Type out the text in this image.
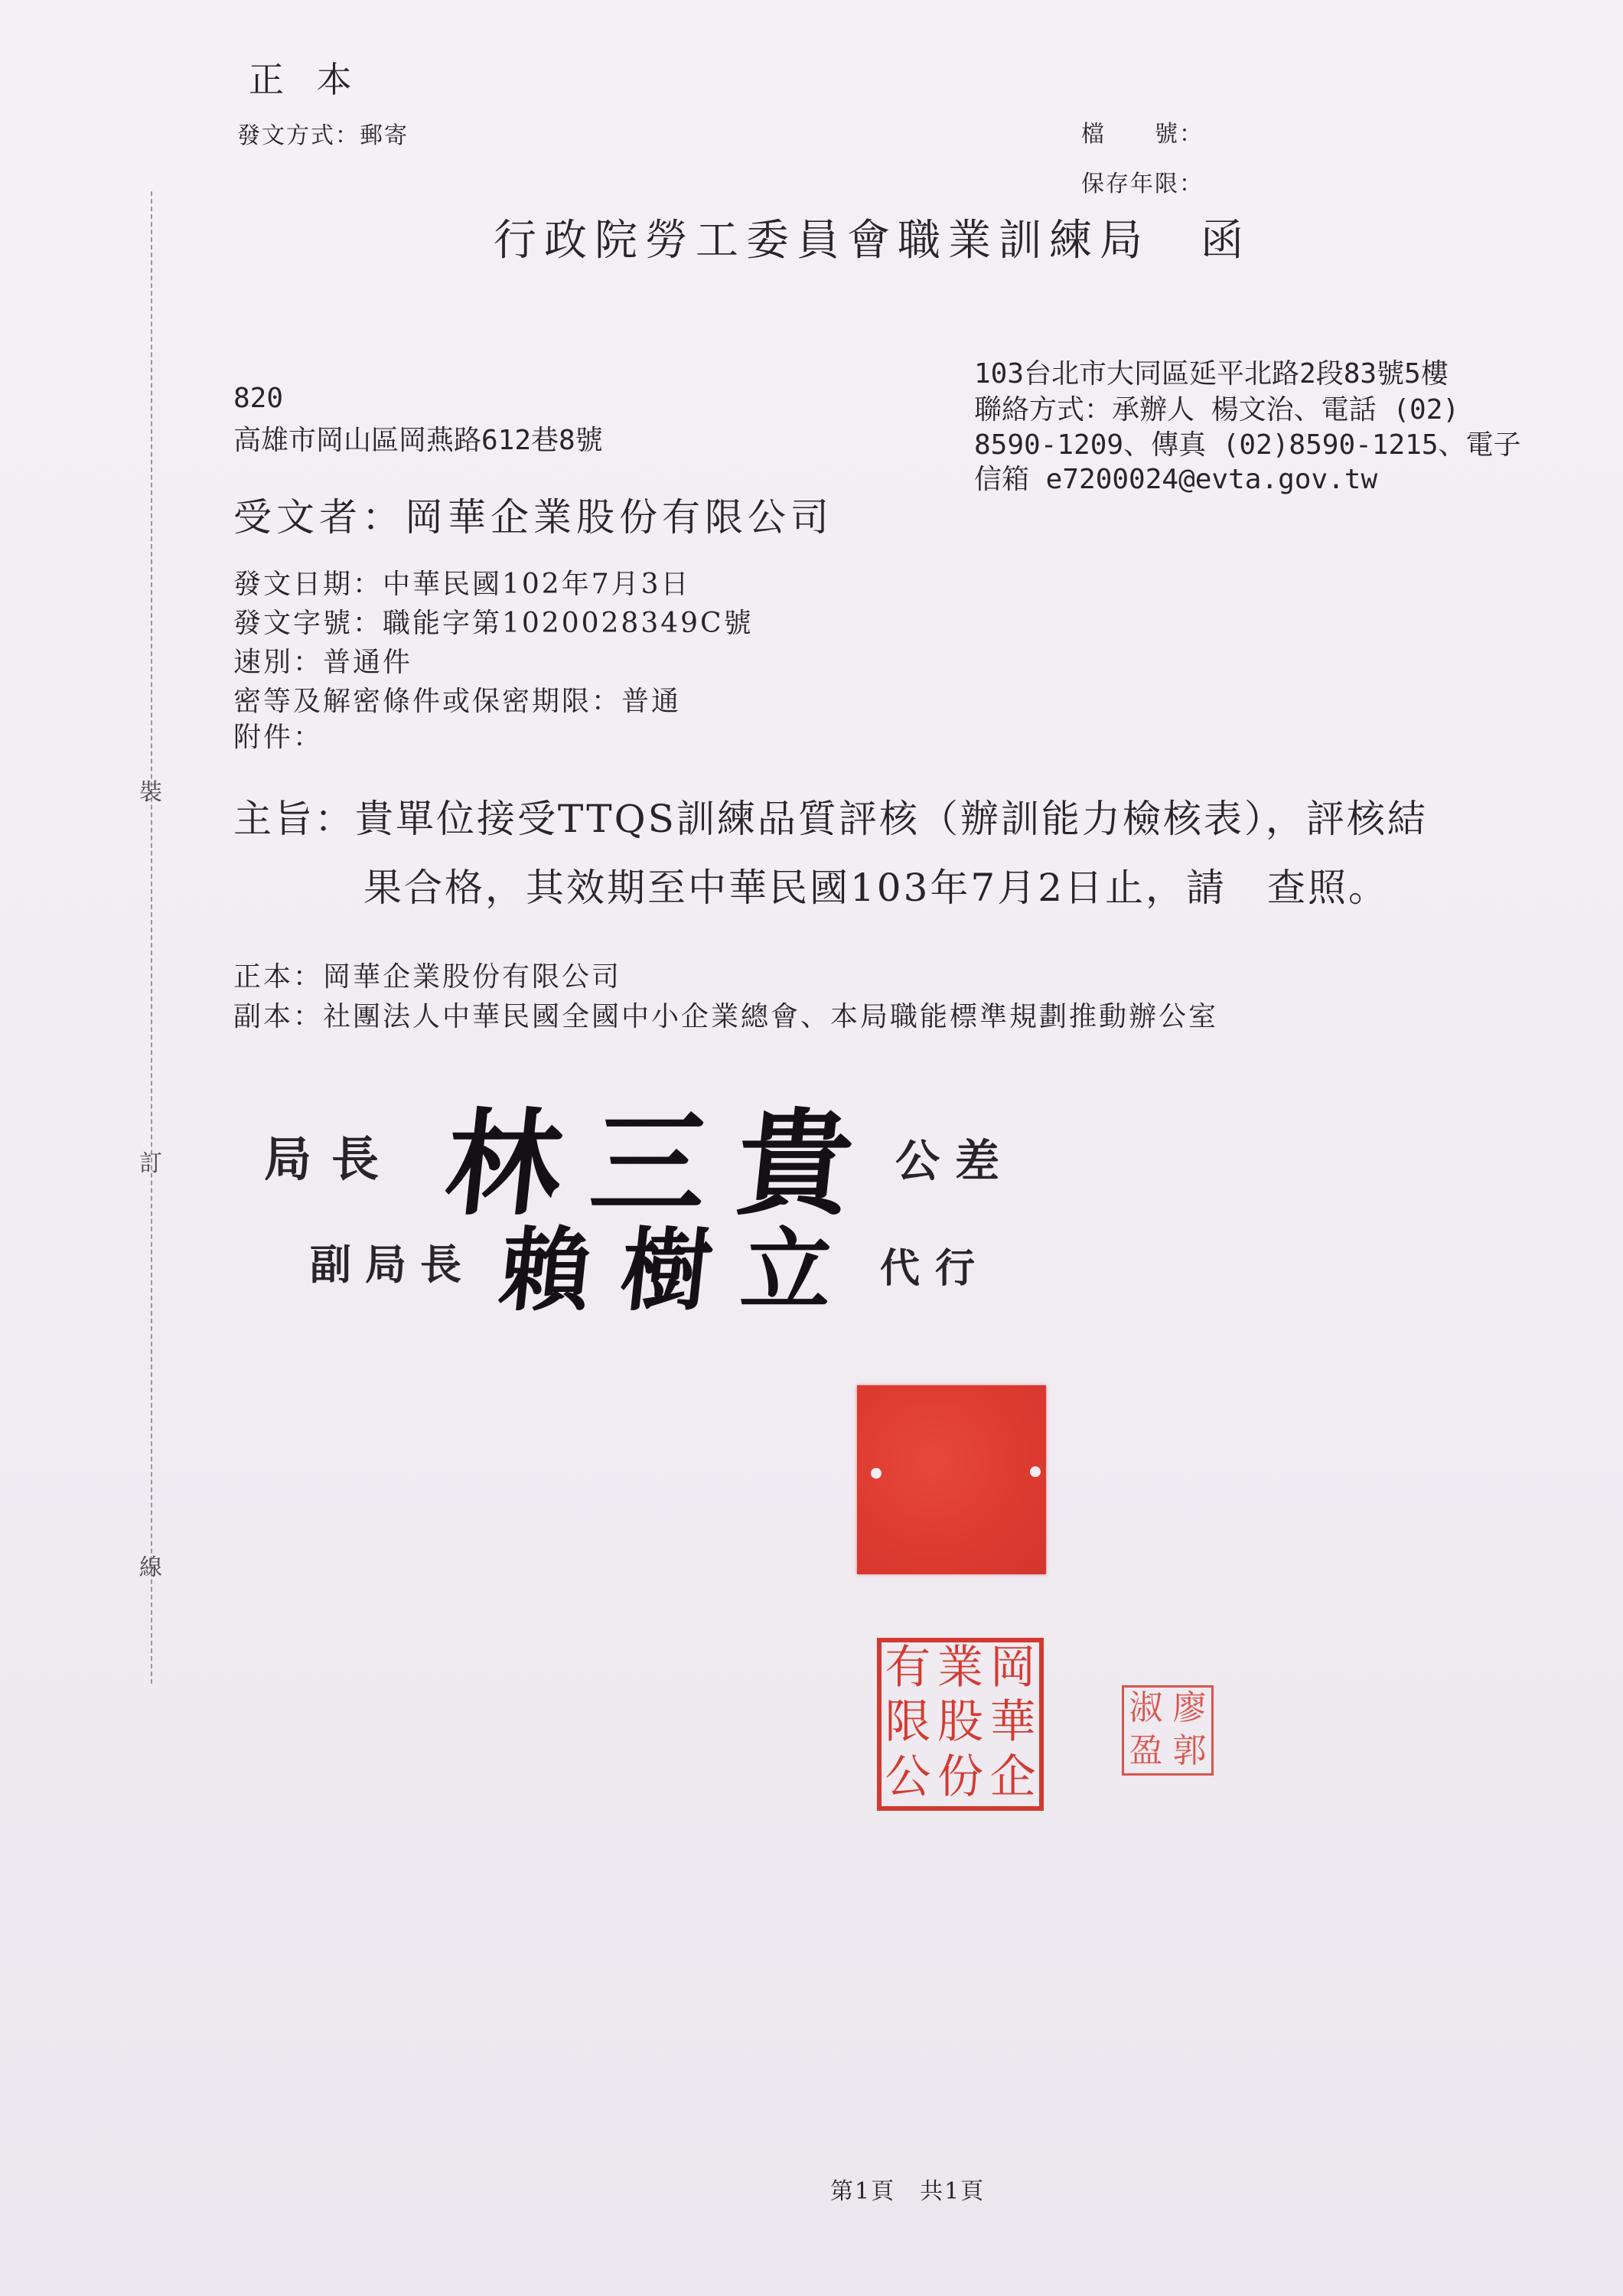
裝
訂
線
正 本
發文方式：郵寄	檔　　號：
保存年限：
行政院勞工委員會職業訓練局　函
103台北市大同區延平北路2段83號5樓
聯絡方式：承辦人 楊文治、電話 (02)
8590-1209、傳真 (02)8590-1215、電子
信箱 e7200024@evta.gov.tw
820
高雄市岡山區岡燕路612巷8號
受文者：岡華企業股份有限公司
發文日期：中華民國102年7月3日
發文字號：職能字第1020028349C號
速別：普通件
密等及解密條件或保密期限：普通
附件：
主旨：貴單位接受TTQS訓練品質評核（辦訓能力檢核表），評核結
果合格，其效期至中華民國103年7月2日止，請　查照。
正本：岡華企業股份有限公司
副本：社團法人中華民國全國中小企業總會、本局職能標準規劃推動辦公室
局長 林三貴 公差
副局長 賴樹立 代行
岡
華
企
業
股
份
有
限
公
廖
郭
淑
盈
第1頁　共1頁
